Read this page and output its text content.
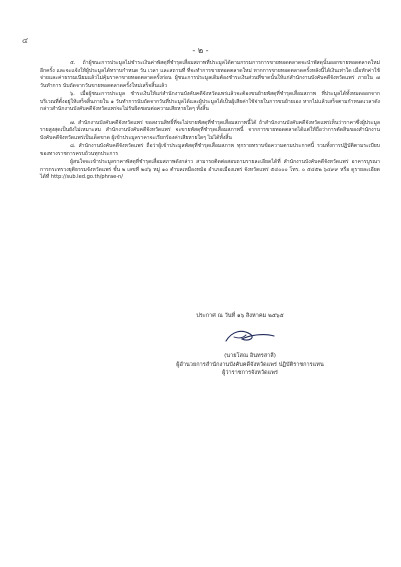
๔
- ๒ -

๕. ถ้าผู้ชนะการประมูลไม่ชำระเงินค่าพัสดุที่ชำรุดเสื่อมสภาพที่ประมูลได้ตามกรรมการการขายทอดตลาดจะนำพัสดุนั้นออกขายทอดตลาดใหม่อีกครั้ง และจะแจ้งให้ผู้ประมูลได้ทราบกำหนด วัน เวลา และสถานที่ ที่จะทำการขายทอดตลาดใหม่ หากการขายทอดตลาดครั้งหลังนี้ได้เงินเท่าใด เมื่อหักค่าใช้จ่ายและค่าธรรมเนียมแล้วไม่คุ้มราคาขายทอดตลาดครั้งก่อน ผู้ชนะการประมูลเดิมต้องชำระเงินส่วนที่ขาดนั้นให้แก่สำนักงานบังคับคดีจังหวัดแพร่ ภายใน ๗ วันทำการ นับถัดจากวันขายทอดตลาดครั้งใหม่เสร็จสิ้นแล้ว

๖. เมื่อผู้ชนะการประมูล ชำระเงินให้แก่สำนักงานบังคับคดีจังหวัดแพร่แล้วจะต้องขนย้ายพัสดุที่ชำรุดเสื่อมสภาพ ที่ประมูลได้ทั้งหมดออกจากบริเวณที่ตั้งอยู่ให้เสร็จสิ้นภายใน ๑ วันทำการนับถัดจากวันที่ประมูลได้และผู้ประมูลได้เป็นผู้เสียค่าใช้จ่ายในการขนย้ายเอง หากไม่แล้วเสร็จตามกำหนดเวลาดังกล่าวสำนักงานบังคับคดีจังหวัดแพร่จะไม่รับผิดชอบต่อความเสียหายใดๆ ทั้งสิ้น

๗. สำนักงานบังคับคดีจังหวัดแพร่ ขอสงวนสิทธิ์ที่จะไม่ขายพัสดุที่ชำรุดเสื่อมสภาพนี้ได้ ถ้าสำนักงานบังคับคดีจังหวัดแพร่เห็นว่าราคาซึ่งผู้ประมูลรายสูงสุดเป็นยังไม่เหมาะสม สำนักงานบังคับคดีจังหวัดแพร่ จะขายพัสดุที่ชำรุดเสื่อมสภาพนี้ จากการขายทอดตลาดได้แต่ให้ถือว่าการตัดสินของสำนักงานบังคับคดีจังหวัดแพร่เป็นเด็ดขาด ผู้เข้าประมูลราคาจะเรียกร้องค่าเสียหายใดๆ ไม่ได้ทั้งสิ้น

๘. สำนักงานบังคับคดีจังหวัดแพร่ ถือว่าผู้เข้าประมูลพัสดุที่ชำรุดเสื่อมสภาพ ทุกรายทราบข้อความตามประกาศนี้ รวมทั้งการปฏิบัติตามระเบียบของทางราชการครบถ้วนทุกประการ

ผู้สนใจจะเข้าประมูลราคาพัสดุที่ชำรุดเสื่อมสภาพดังกล่าว สามารถติดต่อสอบถามรายละเอียดได้ที่ สำนักงานบังคับคดีจังหวัดแพร่ อาคารบูรณาการกระทรวงยุติธรรมจังหวัดแพร่ ชั้น ๒ เลขที่ ๒๔๖ หมู่ ๑๐ ตำบลเหมืองหม้อ อำเภอเมืองแพร่ จังหวัดแพร่ ๕๔๐๐๐ โทร. ๐ ๕๔๕๒ ๖๔๙๙ หรือ ดูรายละเอียดได้ที่ http://sub.led.go.th/phrae-n/

ประกาศ ณ วันที่ ๑๖ สิงหาคม ๒๕๖๕
(นายโสณ อินทรสาลี)
ผู้อำนวยการสำนักงานบังคับคดีจังหวัดแพร่ ปฏิบัติราชการแทน
ผู้ว่าราชการจังหวัดแพร่
